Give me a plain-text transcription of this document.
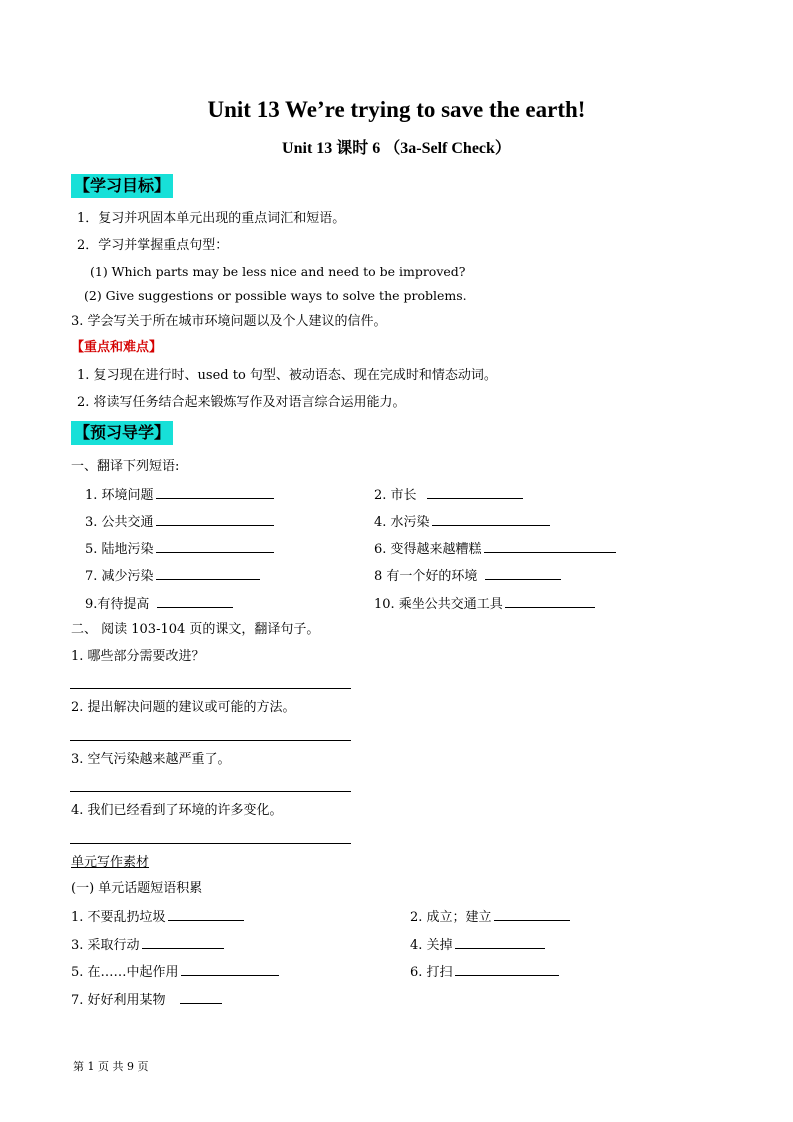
Unit 13 We’re trying to save the earth!
Unit 13 课时 6 （3a-Self Check）
【学习目标】
1．复习并巩固本单元出现的重点词汇和短语。
2．学习并掌握重点句型：
(1) Which parts may be less nice and need to be improved?
(2) Give suggestions or possible ways to solve the problems.
3. 学会写关于所在城市环境问题以及个人建议的信件。
【重点和难点】
1. 复习现在进行时、used to 句型、被动语态、现在完成时和情态动词。
2. 将读写任务结合起来锻炼写作及对语言综合运用能力。
【预习导学】
一、翻译下列短语:
1. 环境问题
3. 公共交通
5. 陆地污染
7. 减少污染
9.有待提高
2. 市长
4. 水污染
6. 变得越来越糟糕
8 有一个好的环境
10. 乘坐公共交通工具
二、 阅读 103-104 页的课文，翻译句子。
1. 哪些部分需要改进？
2. 提出解决问题的建议或可能的方法。
3. 空气污染越来越严重了。
4. 我们已经看到了环境的许多变化。
单元写作素材
(一) 单元话题短语积累
1. 不要乱扔垃圾
3. 采取行动
5. 在……中起作用
7. 好好利用某物
2. 成立；建立
4. 关掉
6. 打扫
第 1 页 共 9 页
